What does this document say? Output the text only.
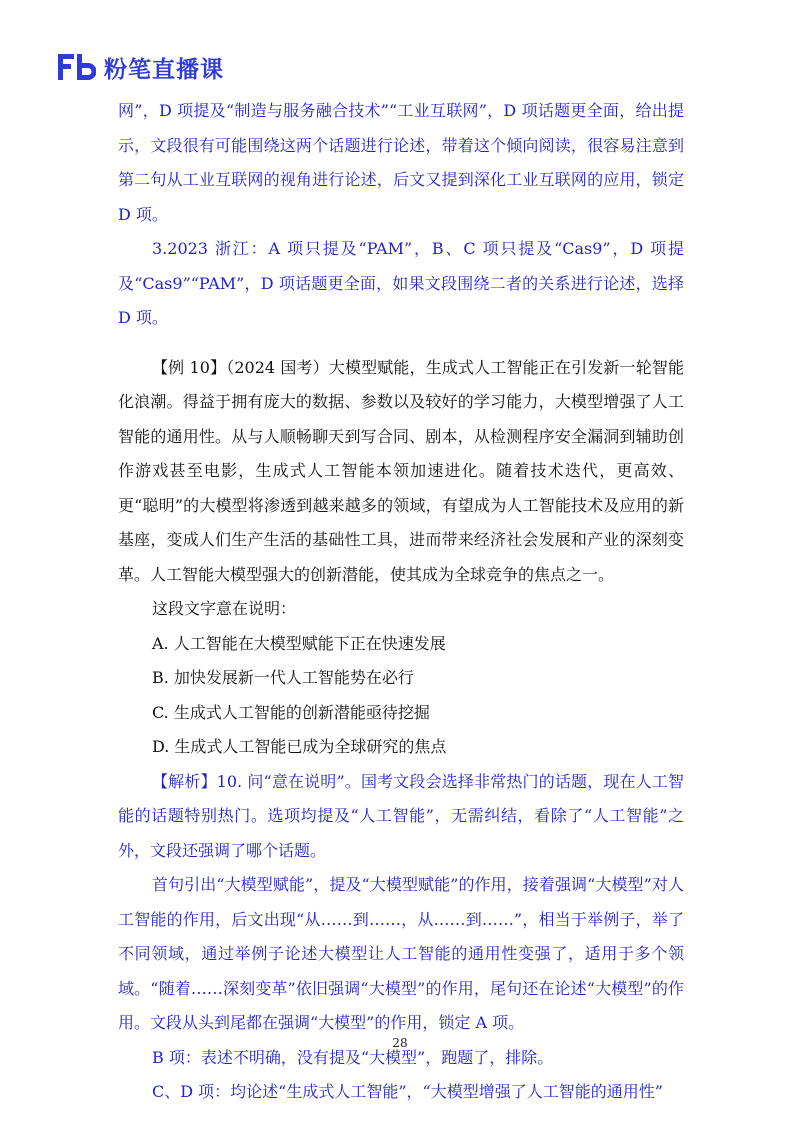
粉笔直播课

网”，D 项提及“制造与服务融合技术”“工业互联网”，D 项话题更全面，给出提示，文段很有可能围绕这两个话题进行论述，带着这个倾向阅读，很容易注意到第二句从工业互联网的视角进行论述，后文又提到深化工业互联网的应用，锁定 D 项。

3.2023 浙江：A 项只提及“PAM”，B、C 项只提及“Cas9”，D 项提及“Cas9”“PAM”，D 项话题更全面，如果文段围绕二者的关系进行论述，选择 D 项。

【例 10】（2024 国考）大模型赋能，生成式人工智能正在引发新一轮智能化浪潮。得益于拥有庞大的数据、参数以及较好的学习能力，大模型增强了人工智能的通用性。从与人顺畅聊天到写合同、剧本，从检测程序安全漏洞到辅助创作游戏甚至电影，生成式人工智能本领加速进化。随着技术迭代，更高效、更“聪明”的大模型将渗透到越来越多的领域，有望成为人工智能技术及应用的新基座，变成人们生产生活的基础性工具，进而带来经济社会发展和产业的深刻变革。人工智能大模型强大的创新潜能，使其成为全球竞争的焦点之一。

这段文字意在说明：

A. 人工智能在大模型赋能下正在快速发展

B. 加快发展新一代人工智能势在必行

C. 生成式人工智能的创新潜能亟待挖掘

D. 生成式人工智能已成为全球研究的焦点

【解析】10. 问“意在说明”。国考文段会选择非常热门的话题，现在人工智能的话题特别热门。选项均提及“人工智能”，无需纠结，看除了“人工智能”之外，文段还强调了哪个话题。

首句引出“大模型赋能”，提及“大模型赋能”的作用，接着强调“大模型”对人工智能的作用，后文出现“从……到……，从……到……”，相当于举例子，举了不同领域，通过举例子论述大模型让人工智能的通用性变强了，适用于多个领域。“随着……深刻变革”依旧强调“大模型”的作用，尾句还在论述“大模型”的作用。文段从头到尾都在强调“大模型”的作用，锁定 A 项。

B 项：表述不明确，没有提及“大模型”，跑题了，排除。

C、D 项：均论述“生成式人工智能”，“大模型增强了人工智能的通用性”

28
